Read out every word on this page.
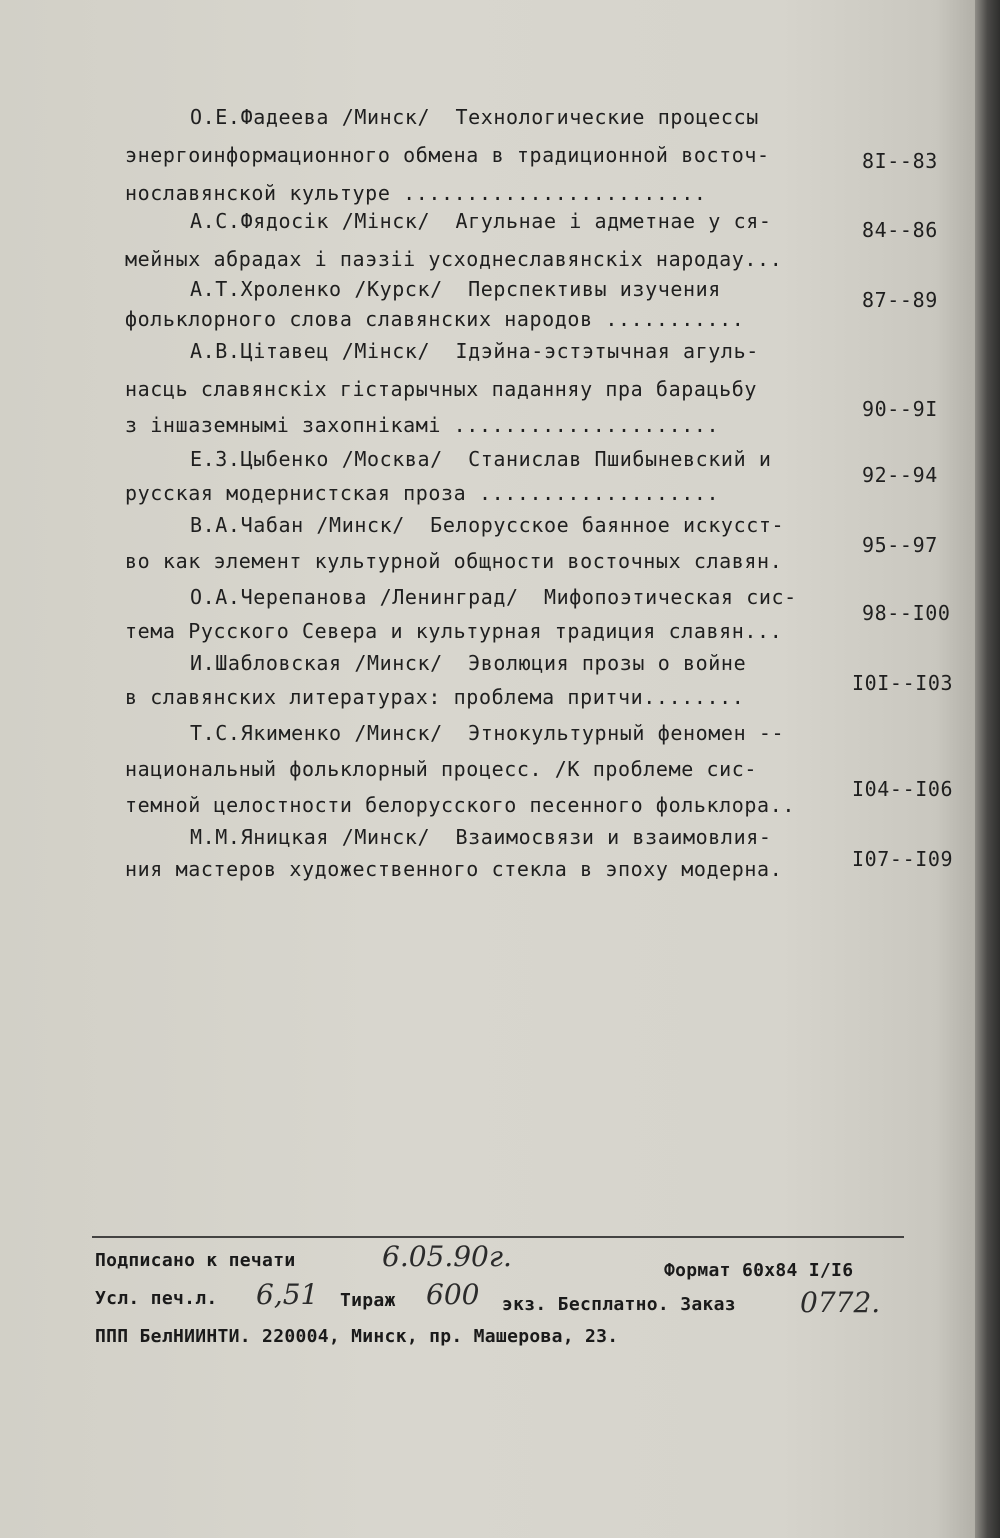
О.Е.Фадеева /Минск/  Технологические процессы
энергоинформационного обмена в традиционной восточ-
нославянской культуре ........................
8I--83
А.С.Фядосік /Мінск/  Агульнае і адметнае у ся-
мейных абрадах і паэзіі усходнеславянскіх народау...
84--86
А.Т.Хроленко /Курск/  Перспективы изучения
фольклорного слова славянских народов ...........
87--89
А.В.Цітавец /Мінск/  Ідэйна-эстэтычная агуль-
насць славянскіх гістарычных паданняу пра барацьбу
з іншаземнымі захопнікамі .....................
90--9I
Е.З.Цыбенко /Москва/  Станислав Пшибыневский и
русская модернистская проза ...................
92--94
В.А.Чабан /Минск/  Белорусское баянное искусст-
во как элемент культурной общности восточных славян.
95--97
О.А.Черепанова /Ленинград/  Мифопоэтическая сис-
тема Русского Севера и культурная традиция славян...
98--I00
И.Шабловская /Минск/  Эволюция прозы о войне
в славянских литературах: проблема притчи........
I0I--I03
Т.С.Якименко /Минск/  Этнокультурный феномен --
национальный фольклорный процесс. /К проблеме сис-
темной целостности белорусского песенного фольклора..
I04--I06
М.М.Яницкая /Минск/  Взаимосвязи и взаимовлия-
ния мастеров художественного стекла в эпоху модерна.	I07--I09
Подписано к печати	6.05.90г.	Формат 60х84 I/I6
Усл. печ.л. 6,51 Тираж 600 экз. Бесплатно. Заказ 0772.
ППП БелНИИНТИ. 220004, Минск, пр. Машерова, 23.
